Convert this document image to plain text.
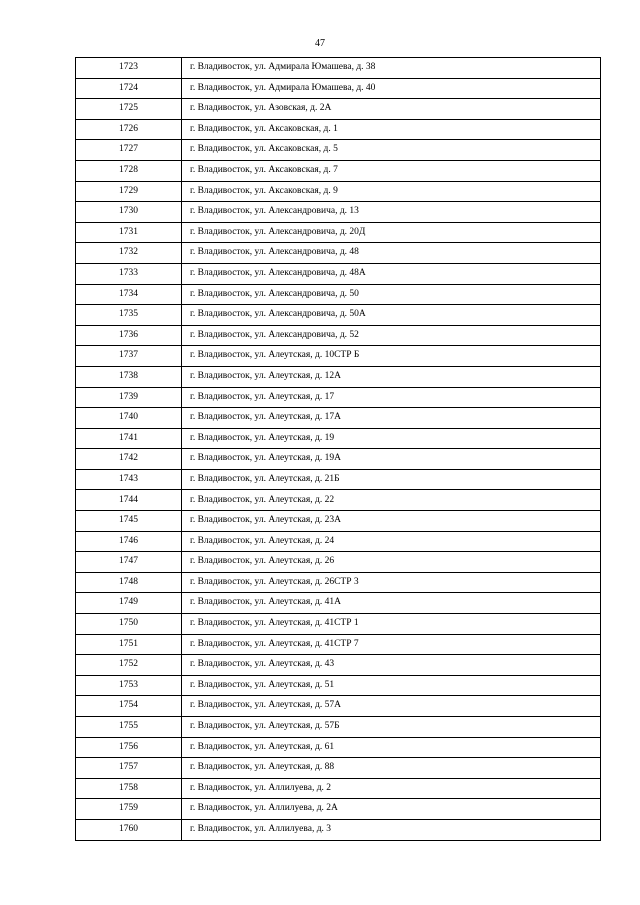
47
1723	г. Владивосток, ул. Адмирала Юмашева, д. 38
1724	г. Владивосток, ул. Адмирала Юмашева, д. 40
1725	г. Владивосток, ул. Азовская, д. 2А
1726	г. Владивосток, ул. Аксаковская, д. 1
1727	г. Владивосток, ул. Аксаковская, д. 5
1728	г. Владивосток, ул. Аксаковская, д. 7
1729	г. Владивосток, ул. Аксаковская, д. 9
1730	г. Владивосток, ул. Александровича, д. 13
1731	г. Владивосток, ул. Александровича, д. 20Д
1732	г. Владивосток, ул. Александровича, д. 48
1733	г. Владивосток, ул. Александровича, д. 48А
1734	г. Владивосток, ул. Александровича, д. 50
1735	г. Владивосток, ул. Александровича, д. 50А
1736	г. Владивосток, ул. Александровича, д. 52
1737	г. Владивосток, ул. Алеутская, д. 10СТР Б
1738	г. Владивосток, ул. Алеутская, д. 12А
1739	г. Владивосток, ул. Алеутская, д. 17
1740	г. Владивосток, ул. Алеутская, д. 17А
1741	г. Владивосток, ул. Алеутская, д. 19
1742	г. Владивосток, ул. Алеутская, д. 19А
1743	г. Владивосток, ул. Алеутская, д. 21Б
1744	г. Владивосток, ул. Алеутская, д. 22
1745	г. Владивосток, ул. Алеутская, д. 23А
1746	г. Владивосток, ул. Алеутская, д. 24
1747	г. Владивосток, ул. Алеутская, д. 26
1748	г. Владивосток, ул. Алеутская, д. 26СТР 3
1749	г. Владивосток, ул. Алеутская, д. 41А
1750	г. Владивосток, ул. Алеутская, д. 41СТР 1
1751	г. Владивосток, ул. Алеутская, д. 41СТР 7
1752	г. Владивосток, ул. Алеутская, д. 43
1753	г. Владивосток, ул. Алеутская, д. 51
1754	г. Владивосток, ул. Алеутская, д. 57А
1755	г. Владивосток, ул. Алеутская, д. 57Б
1756	г. Владивосток, ул. Алеутская, д. 61
1757	г. Владивосток, ул. Алеутская, д. 88
1758	г. Владивосток, ул. Аллилуева, д. 2
1759	г. Владивосток, ул. Аллилуева, д. 2А
1760	г. Владивосток, ул. Аллилуева, д. 3
